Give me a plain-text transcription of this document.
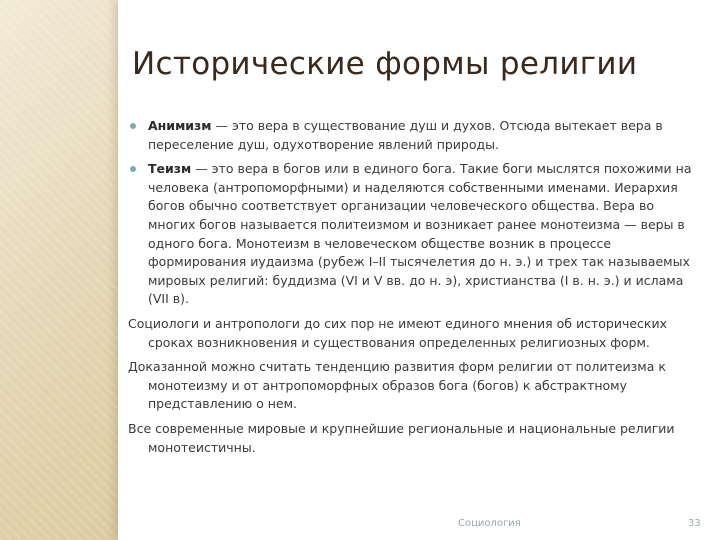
Исторические формы религии
Анимизм — это вера в существование душ и духов. Отсюда вытекает вера в переселение душ, одухотворение явлений природы.
Теизм — это вера в богов или в единого бога. Такие боги мыслятся похожими на человека (антропоморфными) и наделяются собственными именами. Иерархия богов обычно соответствует организации человеческого общества. Вера во многих богов называется политеизмом и возникает ранее монотеизма — веры в одного бога. Монотеизм в человеческом обществе возник в процессе формирования иудаизма (рубеж I–II тысячелетия до н. э.) и трех так называемых мировых религий: буддизма (VI и V вв. до н. э), христианства (I в. н. э.) и ислама (VII в).
Социологи и антропологи до сих пор не имеют единого мнения об исторических сроках возникновения и существования определенных религиозных форм.
Доказанной можно считать тенденцию развития форм религии от политеизма к монотеизму и от антропоморфных образов бога (богов) к абстрактному представлению о нем.
Все современные мировые и крупнейшие региональные и национальные религии монотеистичны.
Социология	33
